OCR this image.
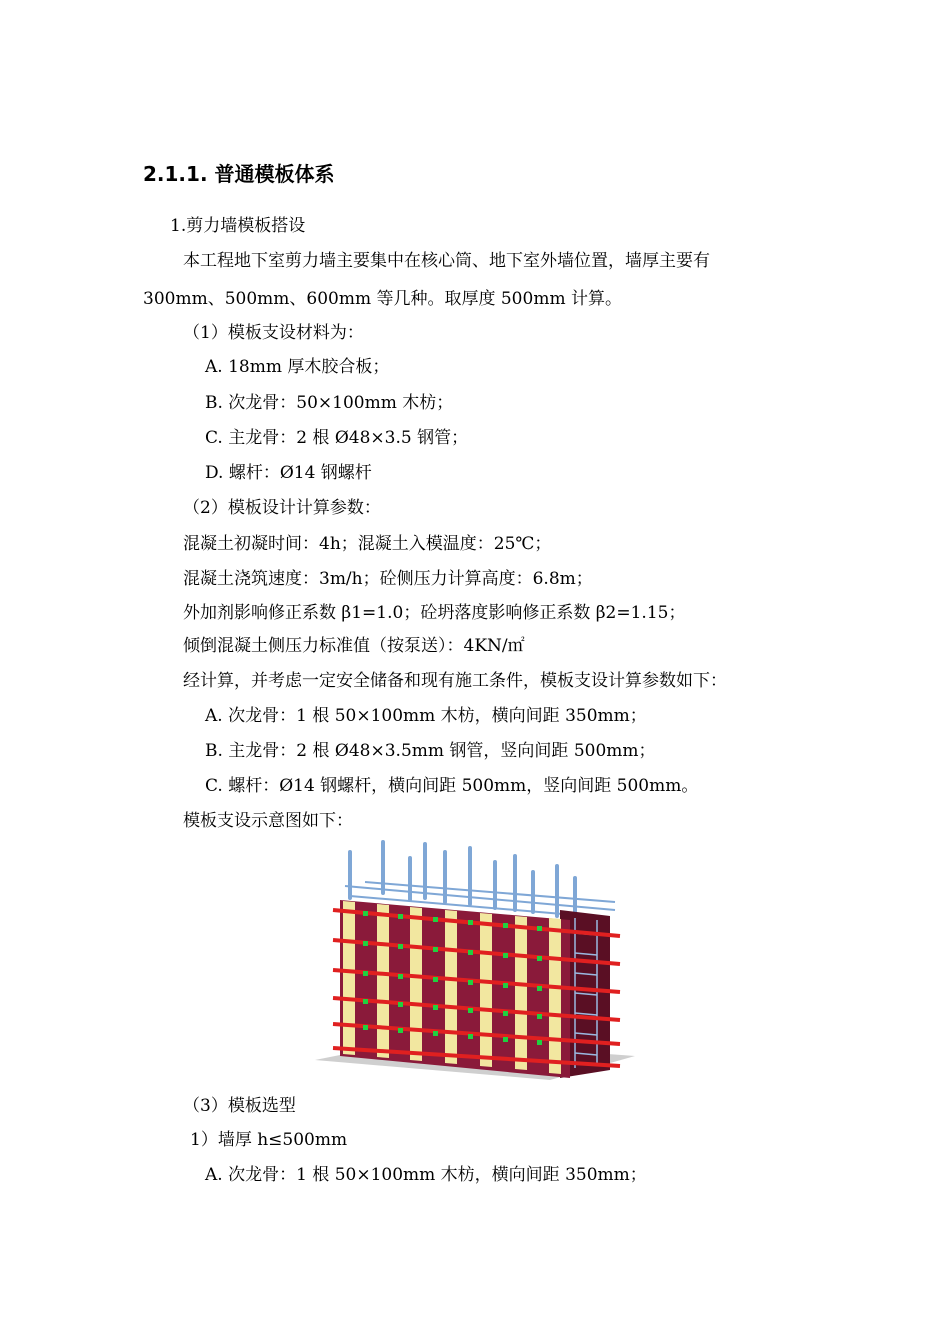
2.1.1. 普通模板体系
1.剪力墙模板搭设
本工程地下室剪力墙主要集中在核心筒、地下室外墙位置，墙厚主要有
300mm、500mm、600mm 等几种。取厚度 500mm 计算。
（1）模板支设材料为：
A. 18mm 厚木胶合板；
B. 次龙骨：50×100mm 木枋；
C. 主龙骨：2 根 Ø48×3.5 钢管；
D. 螺杆：Ø14 钢螺杆
（2）模板设计计算参数：
混凝土初凝时间：4h；混凝土入模温度：25℃；
混凝土浇筑速度：3m/h；砼侧压力计算高度：6.8m；
外加剂影响修正系数 β1=1.0；砼坍落度影响修正系数 β2=1.15；
倾倒混凝土侧压力标准值（按泵送）：4KN/㎡
经计算，并考虑一定安全储备和现有施工条件，模板支设计算参数如下：
A. 次龙骨：1 根 50×100mm 木枋，横向间距 350mm；
B. 主龙骨：2 根 Ø48×3.5mm 钢管，竖向间距 500mm；
C. 螺杆：Ø14 钢螺杆，横向间距 500mm，竖向间距 500mm。
模板支设示意图如下：
（3）模板选型
1）墙厚 h≤500mm
A. 次龙骨：1 根 50×100mm 木枋，横向间距 350mm；
